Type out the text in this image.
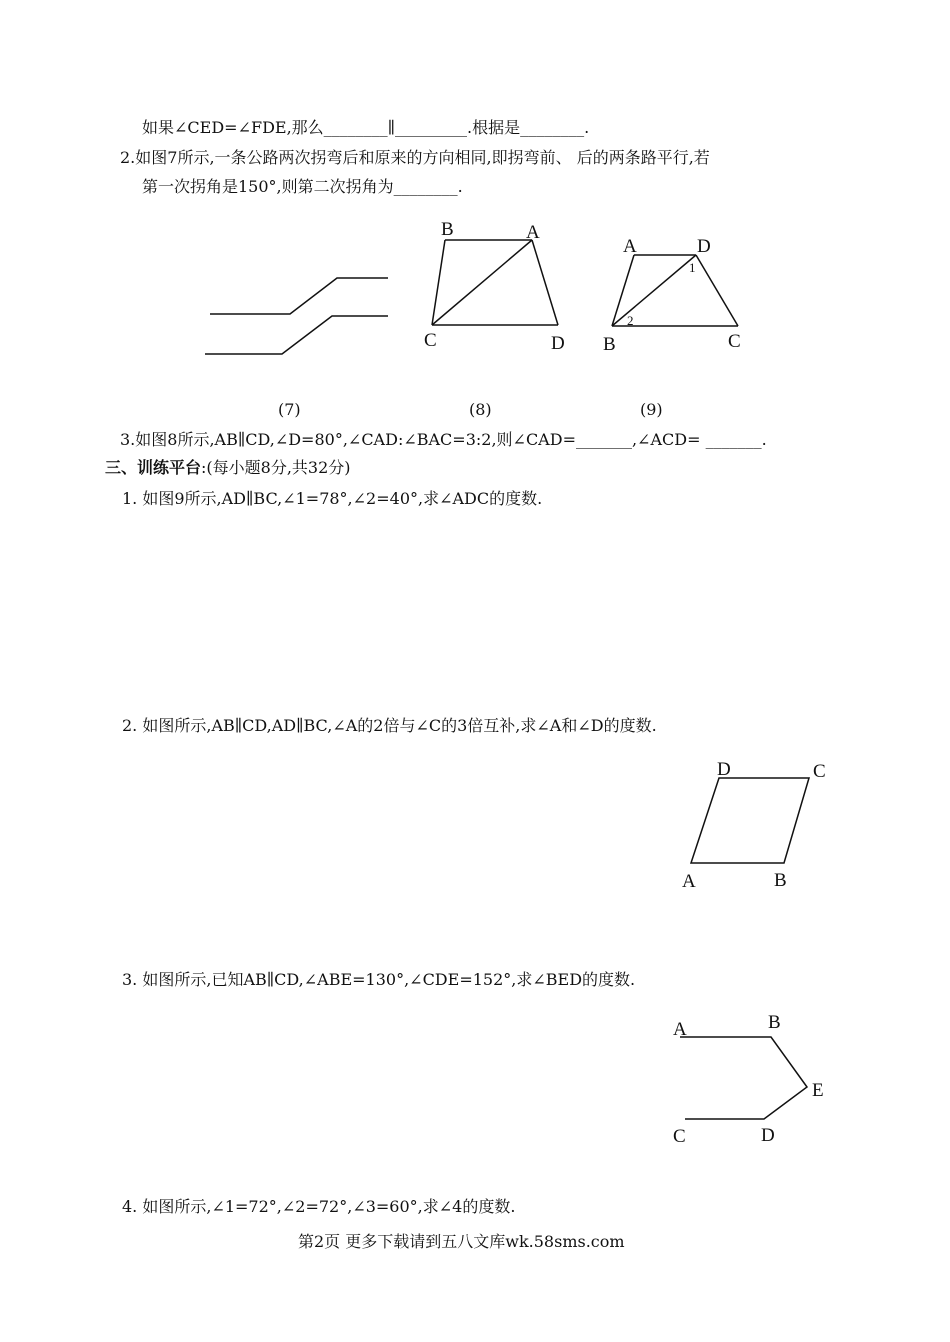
如果∠CED=∠FDE,那么________∥_________.根据是________.
2.如图7所示,一条公路两次拐弯后和原来的方向相同,即拐弯前、 后的两条路平行,若
第一次拐角是150°,则第二次拐角为________.
B	A
C	D
A	D
B	C
1
2
(7)	(8)	(9)
3.如图8所示,AB∥CD,∠D=80°,∠CAD:∠BAC=3:2,则∠CAD=_______,∠ACD= _______.
三、训练平台:(每小题8分,共32分)
1. 如图9所示,AD∥BC,∠1=78°,∠2=40°,求∠ADC的度数.
2. 如图所示,AB∥CD,AD∥BC,∠A的2倍与∠C的3倍互补,求∠A和∠D的度数.
D	C
A	B
3. 如图所示,已知AB∥CD,∠ABE=130°,∠CDE=152°,求∠BED的度数.
A	B
E
C	D
4. 如图所示,∠1=72°,∠2=72°,∠3=60°,求∠4的度数.
第2页 更多下载请到五八文库wk.58sms.com
